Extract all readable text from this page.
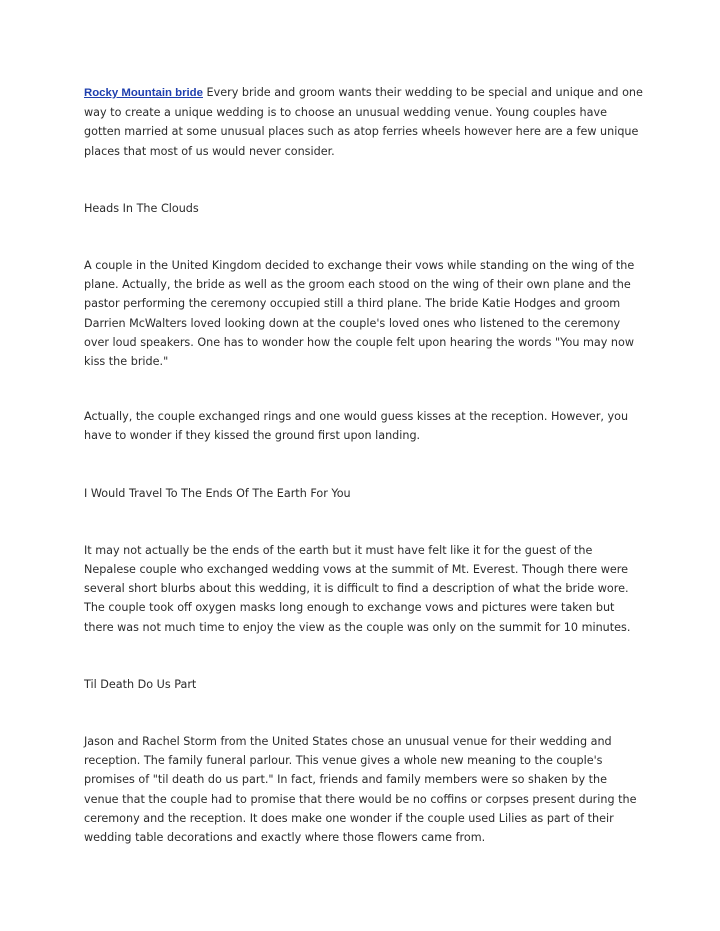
Rocky Mountain bride Every bride and groom wants their wedding to be special and unique and one way to create a unique wedding is to choose an unusual wedding venue. Young couples have gotten married at some unusual places such as atop ferries wheels however here are a few unique places that most of us would never consider.

Heads In The Clouds

A couple in the United Kingdom decided to exchange their vows while standing on the wing of the plane. Actually, the bride as well as the groom each stood on the wing of their own plane and the pastor performing the ceremony occupied still a third plane. The bride Katie Hodges and groom Darrien McWalters loved looking down at the couple's loved ones who listened to the ceremony over loud speakers. One has to wonder how the couple felt upon hearing the words "You may now kiss the bride."

Actually, the couple exchanged rings and one would guess kisses at the reception. However, you have to wonder if they kissed the ground first upon landing.

I Would Travel To The Ends Of The Earth For You

It may not actually be the ends of the earth but it must have felt like it for the guest of the Nepalese couple who exchanged wedding vows at the summit of Mt. Everest. Though there were several short blurbs about this wedding, it is difficult to find a description of what the bride wore. The couple took off oxygen masks long enough to exchange vows and pictures were taken but there was not much time to enjoy the view as the couple was only on the summit for 10 minutes.

Til Death Do Us Part

Jason and Rachel Storm from the United States chose an unusual venue for their wedding and reception. The family funeral parlour. This venue gives a whole new meaning to the couple's promises of "til death do us part." In fact, friends and family members were so shaken by the venue that the couple had to promise that there would be no coffins or corpses present during the ceremony and the reception. It does make one wonder if the couple used Lilies as part of their wedding table decorations and exactly where those flowers came from.
